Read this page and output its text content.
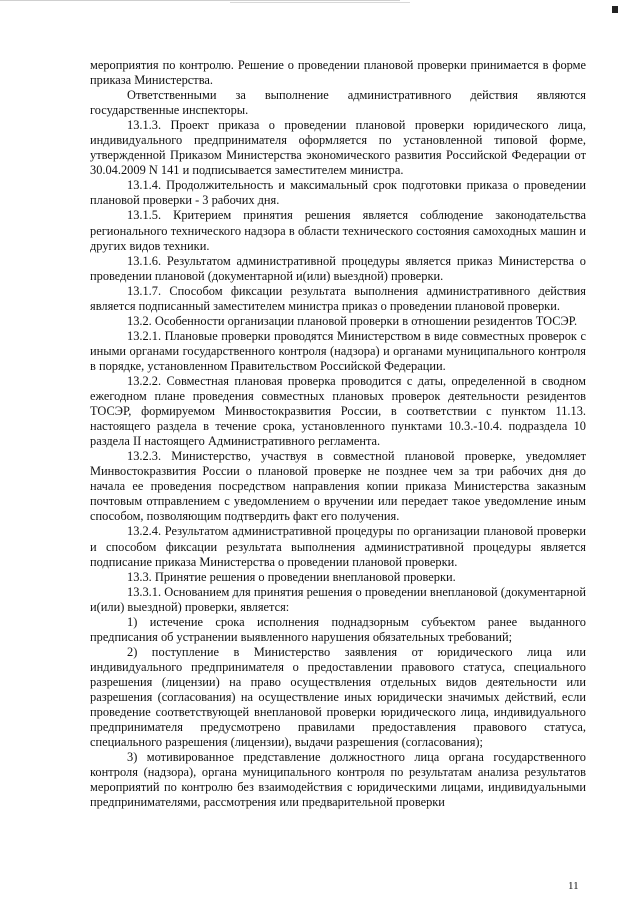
мероприятия по контролю. Решение о проведении плановой проверки принимается в форме приказа Министерства.

Ответственными за выполнение административного действия являются государственные инспекторы.

13.1.3. Проект приказа о проведении плановой проверки юридического лица, индивидуального предпринимателя оформляется по установленной типовой форме, утвержденной Приказом Министерства экономического развития Российской Федерации от 30.04.2009 N 141 и подписывается заместителем министра.

13.1.4. Продолжительность и максимальный срок подготовки приказа о проведении плановой проверки - 3 рабочих дня.

13.1.5. Критерием принятия решения является соблюдение законодательства регионального технического надзора в области технического состояния самоходных машин и других видов техники.

13.1.6. Результатом административной процедуры является приказ Министерства о проведении плановой (документарной и(или) выездной) проверки.

13.1.7. Способом фиксации результата выполнения административного действия является подписанный заместителем министра приказ о проведении плановой проверки.

13.2. Особенности организации плановой проверки в отношении резидентов ТОСЭР.

13.2.1. Плановые проверки проводятся Министерством в виде совместных проверок с иными органами государственного контроля (надзора) и органами муниципального контроля в порядке, установленном Правительством Российской Федерации.

13.2.2. Совместная плановая проверка проводится с даты, определенной в сводном ежегодном плане проведения совместных плановых проверок деятельности резидентов ТОСЭР, формируемом Минвостокразвития России, в соответствии с пунктом 11.13. настоящего раздела в течение срока, установленного пунктами 10.3.-10.4. подраздела 10 раздела II настоящего Административного регламента.

13.2.3. Министерство, участвуя в совместной плановой проверке, уведомляет Минвостокразвития России о плановой проверке не позднее чем за три рабочих дня до начала ее проведения посредством направления копии приказа Министерства заказным почтовым отправлением с уведомлением о вручении или передает такое уведомление иным способом, позволяющим подтвердить факт его получения.

13.2.4. Результатом административной процедуры по организации плановой проверки и способом фиксации результата выполнения административной процедуры является подписание приказа Министерства о проведении плановой проверки.

13.3. Принятие решения о проведении внеплановой проверки.

13.3.1. Основанием для принятия решения о проведении внеплановой (документарной и(или) выездной) проверки, является:

1) истечение срока исполнения поднадзорным субъектом ранее выданного предписания об устранении выявленного нарушения обязательных требований;

2) поступление в Министерство заявления от юридического лица или индивидуального предпринимателя о предоставлении правового статуса, специального разрешения (лицензии) на право осуществления отдельных видов деятельности или разрешения (согласования) на осуществление иных юридически значимых действий, если проведение соответствующей внеплановой проверки юридического лица, индивидуального предпринимателя предусмотрено правилами предоставления правового статуса, специального разрешения (лицензии), выдачи разрешения (согласования);

3) мотивированное представление должностного лица органа государственного контроля (надзора), органа муниципального контроля по результатам анализа результатов мероприятий по контролю без взаимодействия с юридическими лицами, индивидуальными предпринимателями, рассмотрения или предварительной проверки

11
